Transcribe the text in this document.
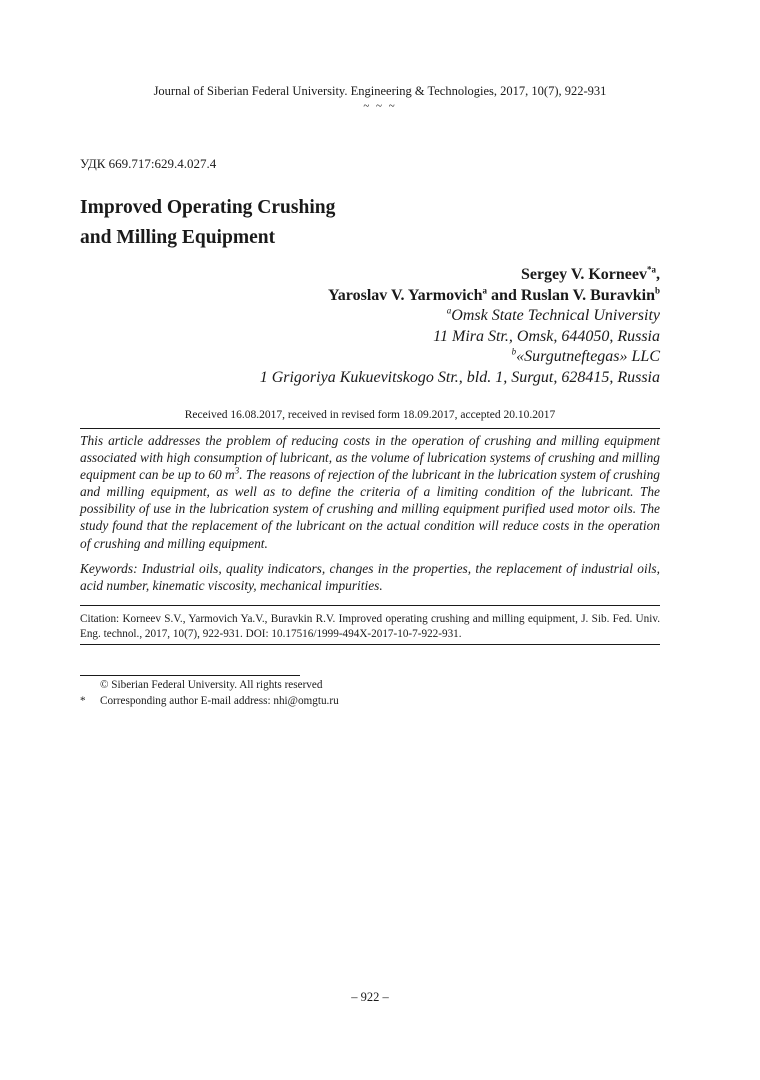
Journal of Siberian Federal University. Engineering & Technologies, 2017, 10(7), 922-931
~ ~ ~
УДК 669.717:629.4.027.4
Improved Operating Crushing
and Milling Equipment
Sergey V. Korneev$^{*a}$,
Yaroslav V. Yarmovich$^a$ and Ruslan V. Buravkin$^b$
$^a$Omsk State Technical University
11 Mira Str., Omsk, 644050, Russia
$^b$«Surgutneftegas» LLC
1 Grigoriya Kukuevitskogo Str., bld. 1, Surgut, 628415, Russia
Received 16.08.2017, received in revised form 18.09.2017, accepted 20.10.2017
This article addresses the problem of reducing costs in the operation of crushing and milling equipment associated with high consumption of lubricant, as the volume of lubrication systems of crushing and milling equipment can be up to 60 $m^3$. The reasons of rejection of the lubricant in the lubrication system of crushing and milling equipment, as well as to define the criteria of a limiting condition of the lubricant. The possibility of use in the lubrication system of crushing and milling equipment purified used motor oils. The study found that the replacement of the lubricant on the actual condition will reduce costs in the operation of crushing and milling equipment.
Keywords: Industrial oils, quality indicators, changes in the properties, the replacement of industrial oils, acid number, kinematic viscosity, mechanical impurities.
Citation: Korneev S.V., Yarmovich Ya.V., Buravkin R.V. Improved operating crushing and milling equipment, J. Sib. Fed. Univ. Eng. technol., 2017, 10(7), 922-931. DOI: 10.17516/1999-494X-2017-10-7-922-931.
© Siberian Federal University. All rights reserved
* Corresponding author E-mail address: nhi@omgtu.ru
– 922 –
